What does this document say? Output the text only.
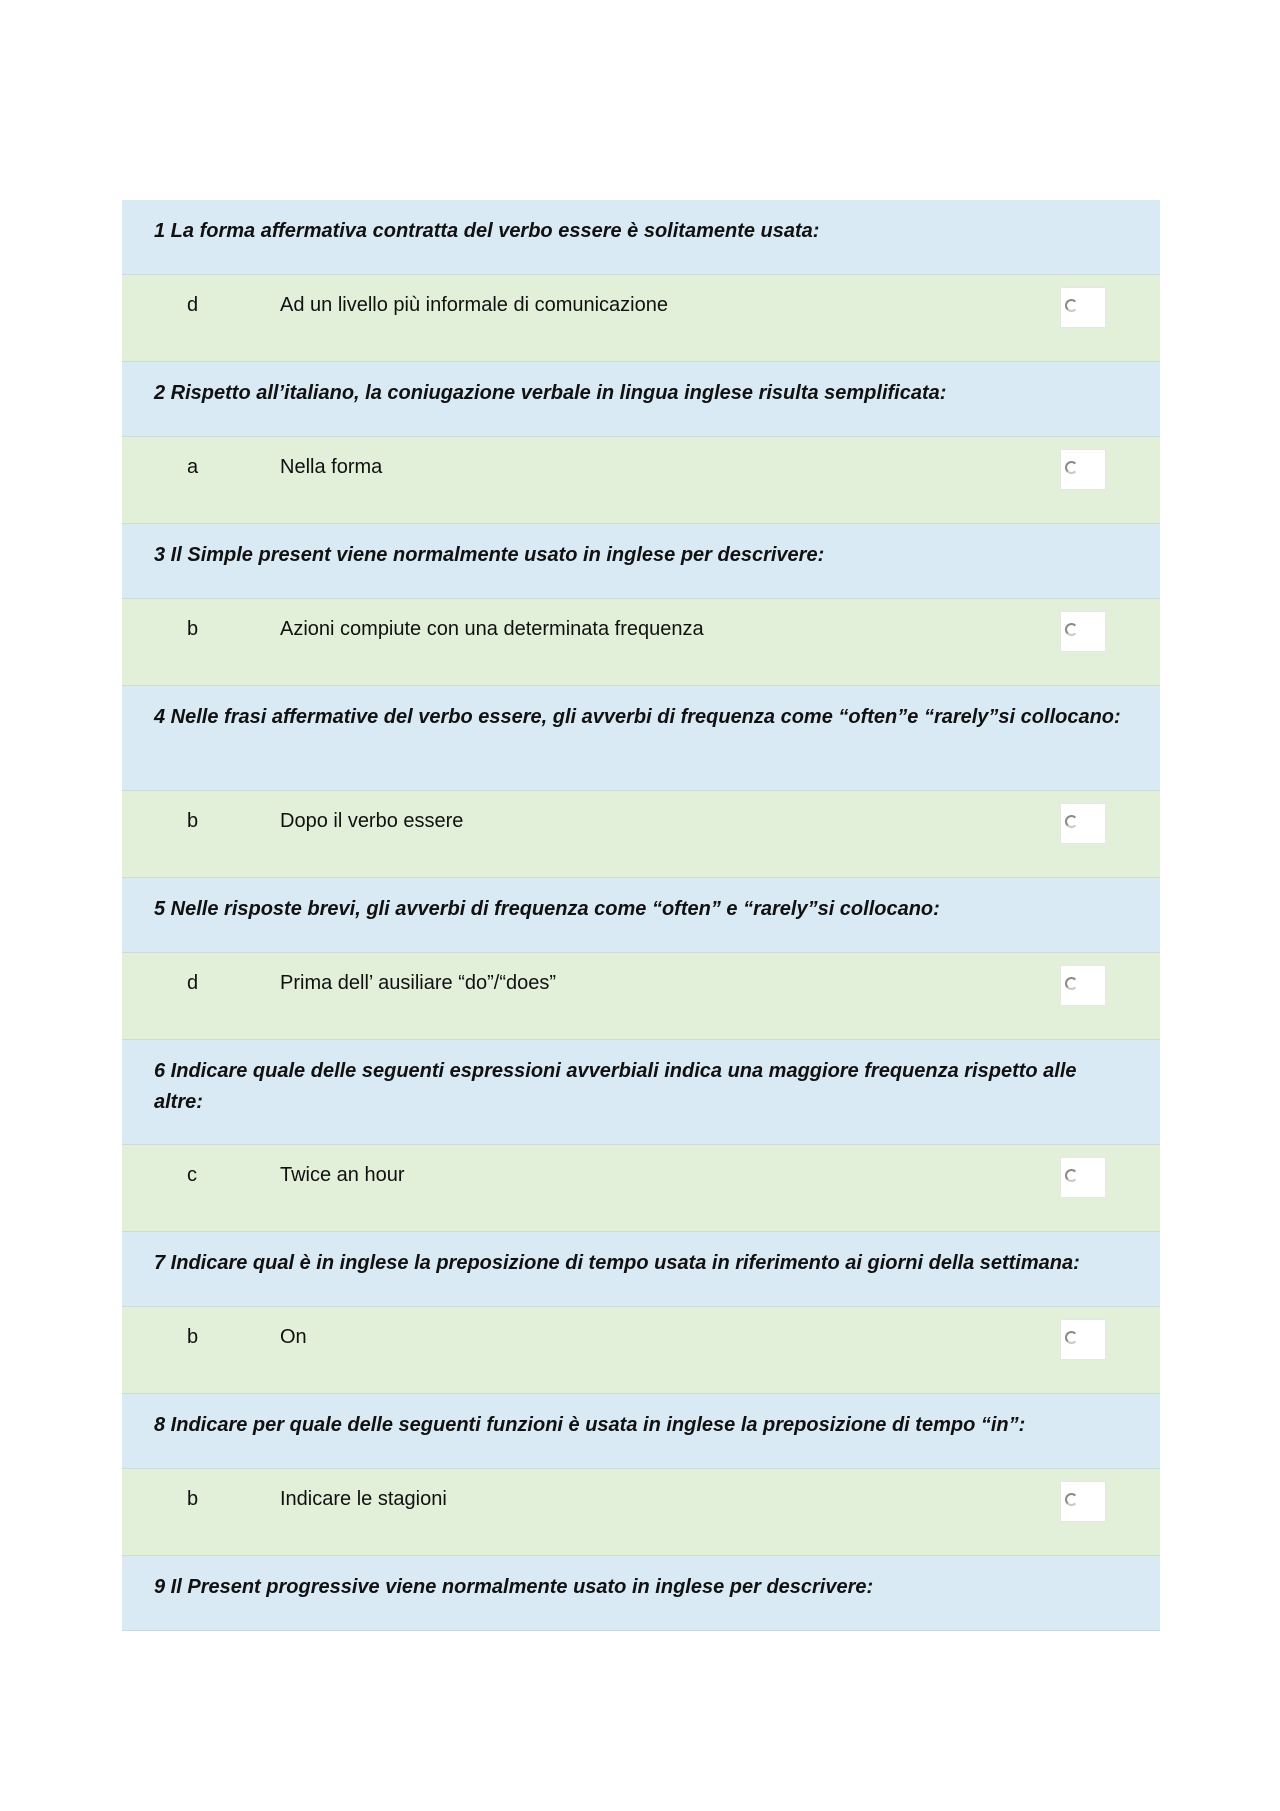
1 La forma affermativa contratta del verbo essere è solitamente usata:
d	Ad un livello più informale di comunicazione
2 Rispetto all’italiano, la coniugazione verbale in lingua inglese risulta semplificata:
a	Nella forma
3 Il Simple present viene normalmente usato in inglese per descrivere:
b	Azioni compiute con una determinata frequenza
4 Nelle frasi affermative del verbo essere, gli avverbi di frequenza come “often”e “rarely”si collocano:
b	Dopo il verbo essere
5 Nelle risposte brevi, gli avverbi di frequenza come “often” e “rarely”si collocano:
d	Prima dell’ ausiliare “do”/“does”
6 Indicare quale delle seguenti espressioni avverbiali indica una maggiore frequenza rispetto alle altre:
c	Twice an hour
7 Indicare qual è in inglese la preposizione di tempo usata in riferimento ai giorni della settimana:
b	On
8 Indicare per quale delle seguenti funzioni è usata in inglese la preposizione di tempo “in”:
b	Indicare le stagioni
9 Il Present progressive viene normalmente usato in inglese per descrivere:
